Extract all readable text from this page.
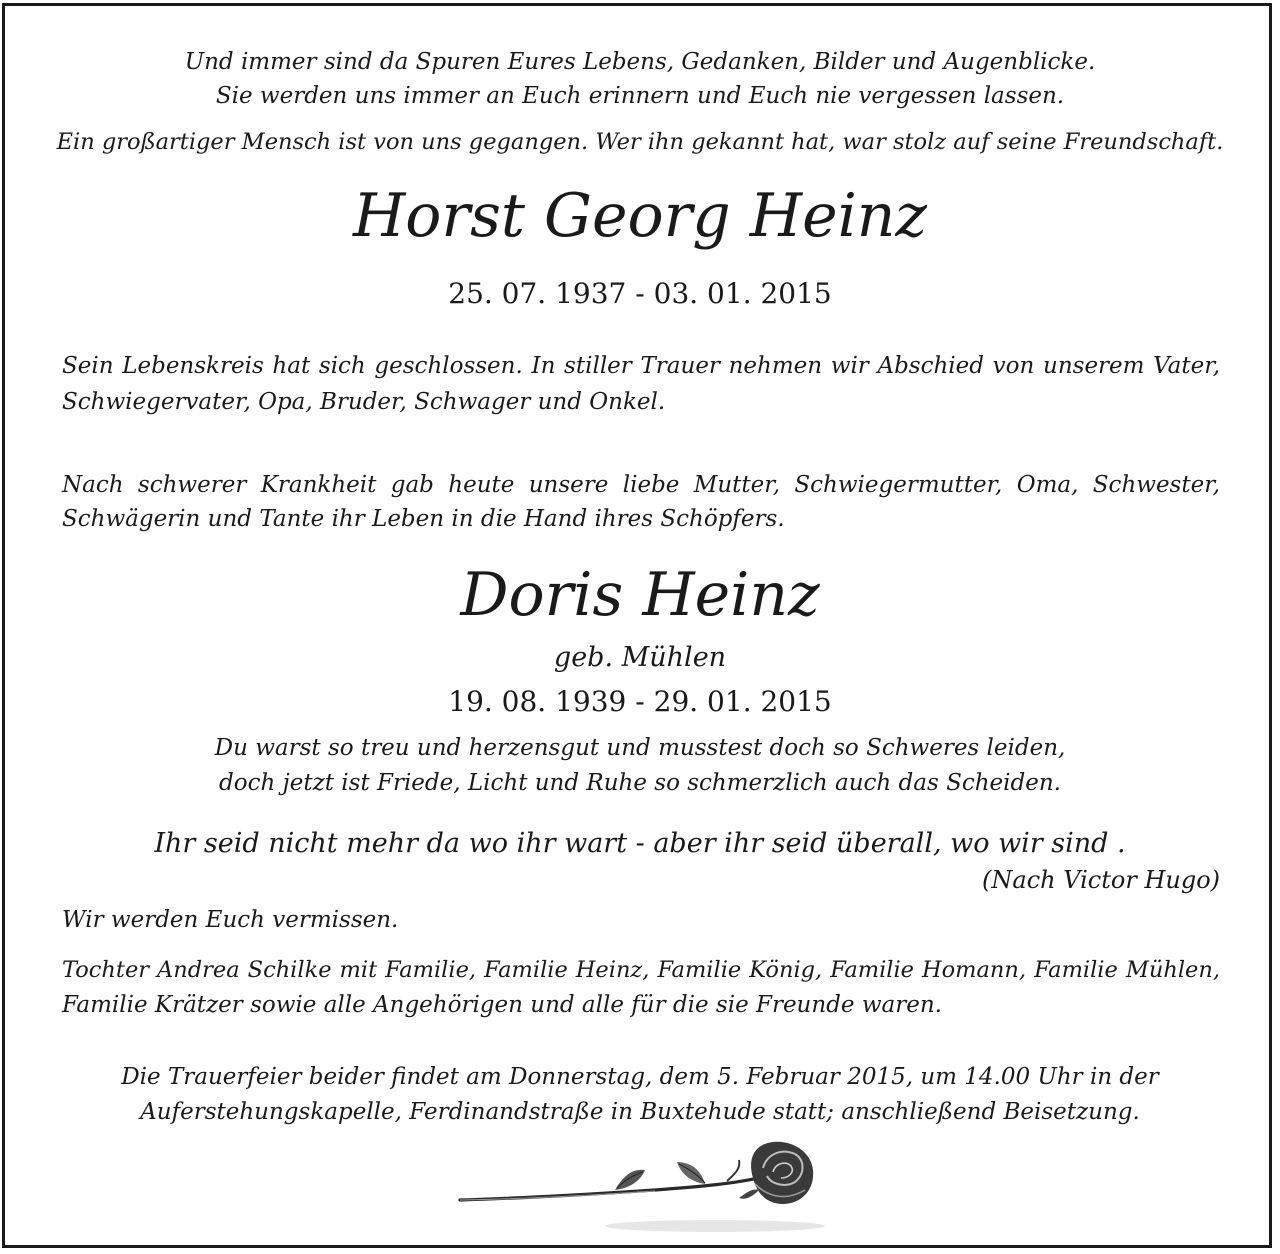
Und immer sind da Spuren Eures Lebens, Gedanken, Bilder und Augenblicke.

Sie werden uns immer an Euch erinnern und Euch nie vergessen lassen.

Ein großartiger Mensch ist von uns gegangen. Wer ihn gekannt hat, war stolz auf seine Freundschaft.

Horst Georg Heinz

25. 07. 1937 - 03. 01. 2015

Sein Lebenskreis hat sich geschlossen. In stiller Trauer nehmen wir Abschied von unserem Vater,

Schwiegervater, Opa, Bruder, Schwager und Onkel.

Nach schwerer Krankheit gab heute unsere liebe Mutter, Schwiegermutter, Oma, Schwester,

Schwägerin und Tante ihr Leben in die Hand ihres Schöpfers.

Doris Heinz

geb. Mühlen

19. 08. 1939 - 29. 01. 2015

Du warst so treu und herzensgut und musstest doch so Schweres leiden,

doch jetzt ist Friede, Licht und Ruhe so schmerzlich auch das Scheiden.

Ihr seid nicht mehr da wo ihr wart - aber ihr seid überall, wo wir sind .

(Nach Victor Hugo)

Wir werden Euch vermissen.

Tochter Andrea Schilke mit Familie, Familie Heinz, Familie König, Familie Homann, Familie Mühlen,

Familie Krätzer sowie alle Angehörigen und alle für die sie Freunde waren.

Die Trauerfeier beider findet am Donnerstag, dem 5. Februar 2015, um 14.00 Uhr in der

Auferstehungskapelle, Ferdinandstraße in Buxtehude statt; anschließend Beisetzung.
